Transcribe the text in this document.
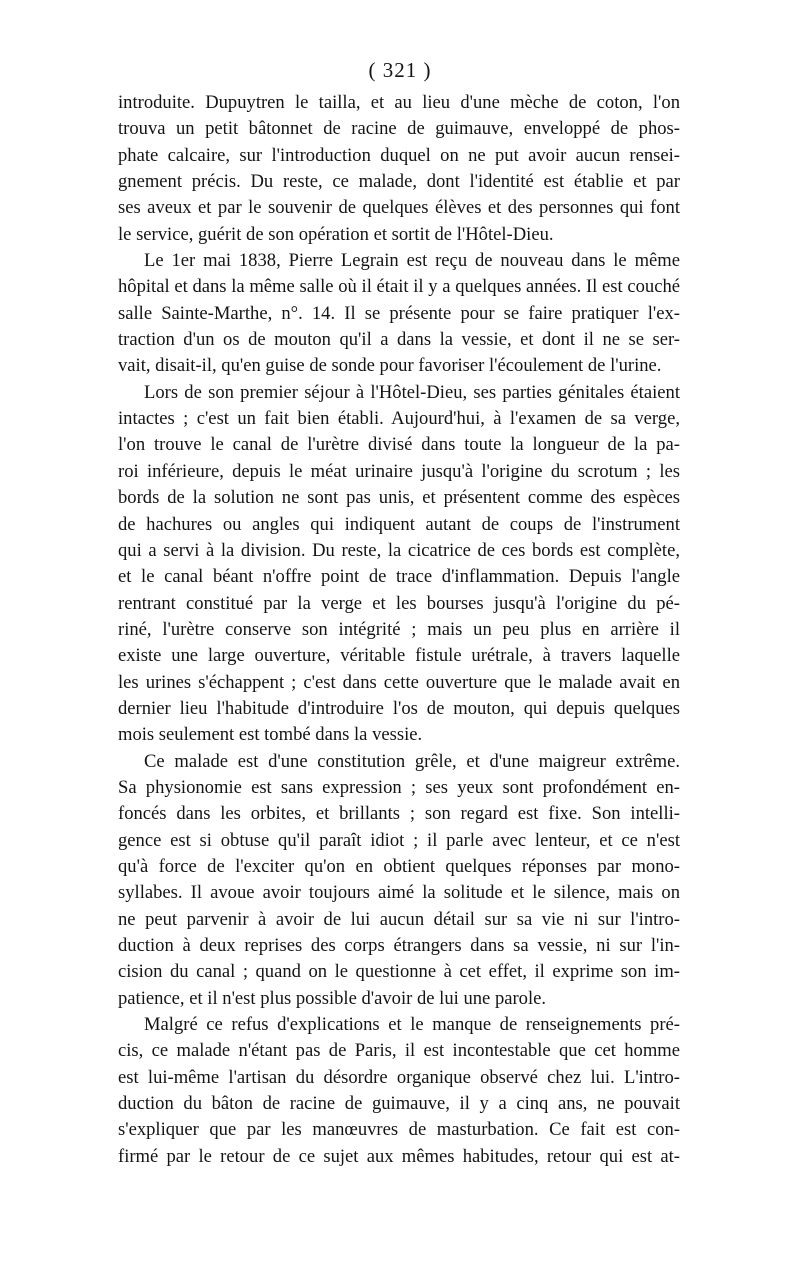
( 321 )
introduite. Dupuytren le tailla, et au lieu d'une mèche de coton, l'on
trouva un petit bâtonnet de racine de guimauve, enveloppé de phos-
phate calcaire, sur l'introduction duquel on ne put avoir aucun rensei-
gnement précis. Du reste, ce malade, dont l'identité est établie et par
ses aveux et par le souvenir de quelques élèves et des personnes qui font
le service, guérit de son opération et sortit de l'Hôtel-Dieu.
Le 1er mai 1838, Pierre Legrain est reçu de nouveau dans le même
hôpital et dans la même salle où il était il y a quelques années. Il est couché
salle Sainte-Marthe, n°. 14. Il se présente pour se faire pratiquer l'ex-
traction d'un os de mouton qu'il a dans la vessie, et dont il ne se ser-
vait, disait-il, qu'en guise de sonde pour favoriser l'écoulement de l'urine.
Lors de son premier séjour à l'Hôtel-Dieu, ses parties génitales étaient
intactes ; c'est un fait bien établi. Aujourd'hui, à l'examen de sa verge,
l'on trouve le canal de l'urètre divisé dans toute la longueur de la pa-
roi inférieure, depuis le méat urinaire jusqu'à l'origine du scrotum ; les
bords de la solution ne sont pas unis, et présentent comme des espèces
de hachures ou angles qui indiquent autant de coups de l'instrument
qui a servi à la division. Du reste, la cicatrice de ces bords est complète,
et le canal béant n'offre point de trace d'inflammation. Depuis l'angle
rentrant constitué par la verge et les bourses jusqu'à l'origine du pé-
riné, l'urètre conserve son intégrité ; mais un peu plus en arrière il
existe une large ouverture, véritable fistule urétrale, à travers laquelle
les urines s'échappent ; c'est dans cette ouverture que le malade avait en
dernier lieu l'habitude d'introduire l'os de mouton, qui depuis quelques
mois seulement est tombé dans la vessie.
Ce malade est d'une constitution grêle, et d'une maigreur extrême.
Sa physionomie est sans expression ; ses yeux sont profondément en-
foncés dans les orbites, et brillants ; son regard est fixe. Son intelli-
gence est si obtuse qu'il paraît idiot ; il parle avec lenteur, et ce n'est
qu'à force de l'exciter qu'on en obtient quelques réponses par mono-
syllabes. Il avoue avoir toujours aimé la solitude et le silence, mais on
ne peut parvenir à avoir de lui aucun détail sur sa vie ni sur l'intro-
duction à deux reprises des corps étrangers dans sa vessie, ni sur l'in-
cision du canal ; quand on le questionne à cet effet, il exprime son im-
patience, et il n'est plus possible d'avoir de lui une parole.
Malgré ce refus d'explications et le manque de renseignements pré-
cis, ce malade n'étant pas de Paris, il est incontestable que cet homme
est lui-même l'artisan du désordre organique observé chez lui. L'intro-
duction du bâton de racine de guimauve, il y a cinq ans, ne pouvait
s'expliquer que par les manœuvres de masturbation. Ce fait est con-
firmé par le retour de ce sujet aux mêmes habitudes, retour qui est at-
